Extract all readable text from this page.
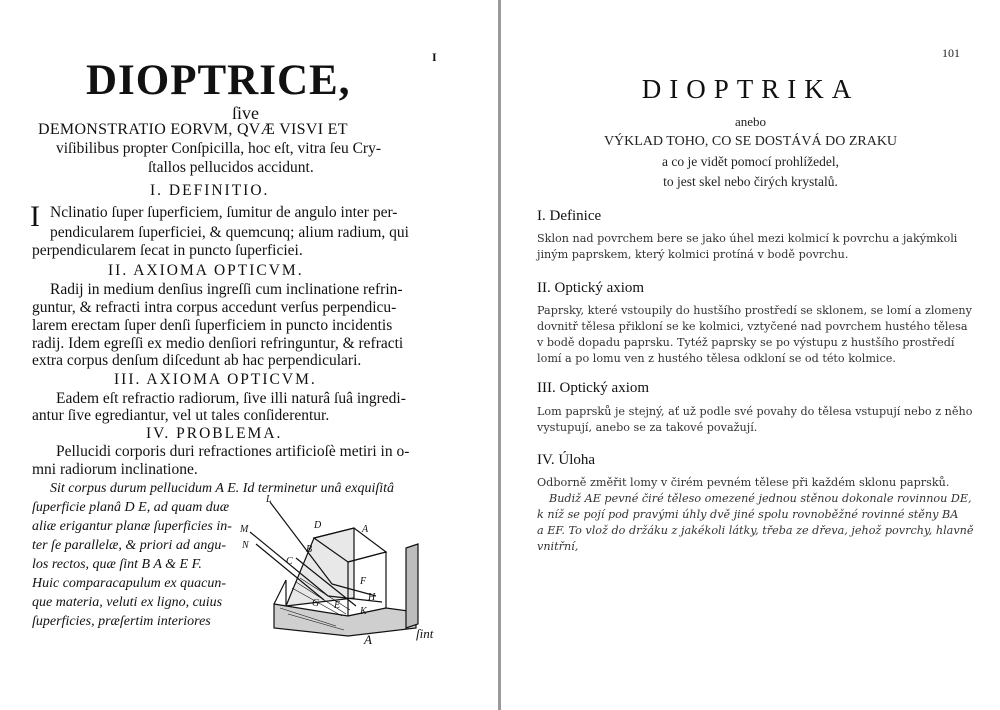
I
DIOPTRICE,
ſive
DEMONSTRATIO EORVM, QVÆ VISVI ET
viſibilibus propter Conſpicilla, hoc eſt, vitra ſeu Cry-
ſtallos pellucidos accidunt.
I. DEFINITIO.
I Nclinatio ſuper ſuperficiem, ſumitur de angulo inter per-
pendicularem ſuperficiei, & quemcunq; alium radium, qui
perpendicularem ſecat in puncto ſuperficiei.
II. AXIOMA OPTICVM.
Radij in medium denſius ingreſſi cum inclinatione refrin-
guntur, & refracti intra corpus accedunt verſus perpendicu-
larem erectam ſuper denſi ſuperficiem in puncto incidentis
radij. Idem egreſſi ex medio denſiori refringuntur, & refracti
extra corpus denſum diſcedunt ab hac perpendiculari.
III. AXIOMA OPTICVM.
Eadem eſt refractio radiorum, ſive illi naturâ ſuâ ingredi-
antur ſive egrediantur, vel ut tales conſiderentur.
IV. PROBLEMA.
Pellucidi corporis duri refractiones artificioſè metiri in o-
mni radiorum inclinatione.
Sit corpus durum pellucidum A E. Id terminetur unâ exquiſitâ
ſuperficie planâ D E, ad quam duæ
aliæ erigantur planæ ſuperficies in-
ter ſe parallelæ, & priori ad angu-
los rectos, quæ ſint B A & E F.
Huic comparacapulum ex quacun-
que materia, veluti ex ligno, cuius
ſuperficies, præſertim interiores
L
D	A
M
N	B
C
F
H
K
E
G
A	ſint
101
DIOPTRIKA
anebo
VÝKLAD TOHO, CO SE DOSTÁVÁ DO ZRAKU
a co je vidět pomocí prohlížedel,
to jest skel nebo čirých krystalů.
I. Definice
Sklon nad povrchem bere se jako úhel mezi kolmicí k povrchu a jakýmkoli
jiným paprskem, který kolmici protíná v bodě povrchu.
II. Optický axiom
Paprsky, které vstoupily do hustšího prostředí se sklonem, se lomí a zlomeny
dovnitř tělesa přikloní se ke kolmici, vztyčené nad povrchem hustého tělesa
v bodě dopadu paprsku. Tytéž paprsky se po výstupu z hustšího prostředí
lomí a po lomu ven z hustého tělesa odkloní se od této kolmice.
III. Optický axiom
Lom paprsků je stejný, ať už podle své povahy do tělesa vstupují nebo z něho
vystupují, anebo se za takové považují.
IV. Úloha
Odborně změřit lomy v čirém pevném tělese při každém sklonu paprsků.
Budiž AE pevné čiré těleso omezené jednou stěnou dokonale rovinnou DE,
k níž se pojí pod pravými úhly dvě jiné spolu rovnoběžné rovinné stěny BA
a EF. To vlož do držáku z jakékoli látky, třeba ze dřeva, jehož povrchy, hlavně
vnitřní,
